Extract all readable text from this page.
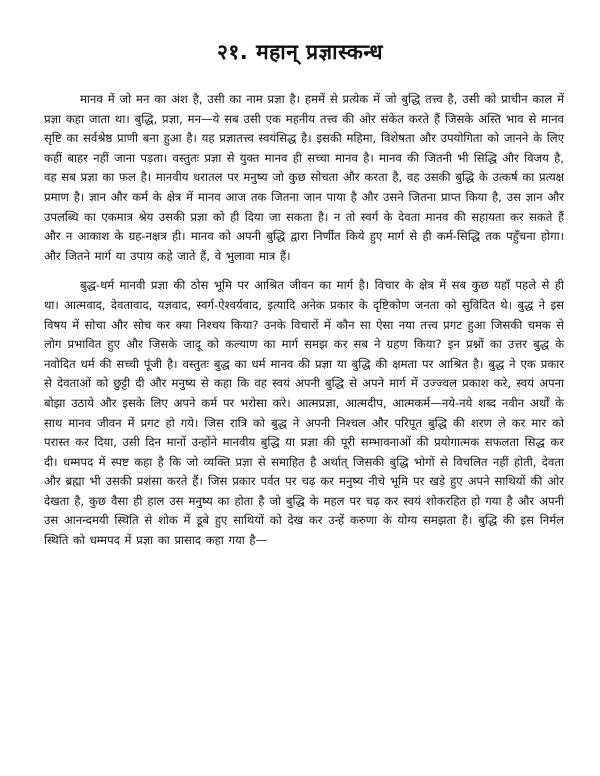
२१. महान् प्रज्ञास्कन्ध

मानव में जो मन का अंश है, उसी का नाम प्रज्ञा है। हममें से प्रत्येक में जो बुद्धि तत्त्व है, उसी को प्राचीन काल में प्रज्ञा कहा जाता था। बुद्धि, प्रज्ञा, मन—ये सब उसी एक महनीय तत्त्व की ओर संकेत करते हैं जिसके अस्ति भाव से मानव सृष्टि का सर्वश्रेष्ठ प्राणी बना हुआ है। यह प्रज्ञातत्त्व स्वयंसिद्ध है। इसकी महिमा, विशेषता और उपयोगिता को जानने के लिए कहीं बाहर नहीं जाना पड़ता। वस्तुतः प्रज्ञा से युक्त मानव ही सच्चा मानव है। मानव की जितनी भी सिद्धि और विजय है, वह सब प्रज्ञा का फल है। मानवीय धरातल पर मनुष्य जो कुछ सोचता और करता है, वह उसकी बुद्धि के उत्कर्ष का प्रत्यक्ष प्रमाण है। ज्ञान और कर्म के क्षेत्र में मानव आज तक जितना जान पाया है और उसने जितना प्राप्त किया है, उस ज्ञान और उपलब्धि का एकमात्र श्रेय उसकी प्रज्ञा को ही दिया जा सकता है। न तो स्वर्ग के देवता मानव की सहायता कर सकते हैं और न आकाश के ग्रह-नक्षत्र ही। मानव को अपनी बुद्धि द्वारा निर्णीत किये हुए मार्ग से ही कर्म-सिद्धि तक पहुँचना होगा। और जितने मार्ग या उपाय कहे जाते हैं, वे भुलावा मात्र हैं।

बुद्ध-धर्म मानवी प्रज्ञा की ठोस भूमि पर आश्रित जीवन का मार्ग है। विचार के क्षेत्र में सब कुछ यहाँ पहले से ही था। आत्मवाद, देवतावाद, यज्ञवाद, स्वर्ग-ऐश्वर्यवाद, इत्यादि अनेक प्रकार के दृष्टिकोण जनता को सुविदित थे। बुद्ध ने इस विषय में सोचा और सोच कर क्या निश्चय किया? उनके विचारों में कौन सा ऐसा नया तत्त्व प्रगट हुआ जिसकी चमक से लोग प्रभावित हुए और जिसके जादू को कल्याण का मार्ग समझ कर सब ने ग्रहण किया? इन प्रश्नों का उत्तर बुद्ध के नवोदित धर्म की सच्ची पूंजी है। वस्तुतः बुद्ध का धर्म मानव की प्रज्ञा या बुद्धि की क्षमता पर आश्रित है। बुद्ध ने एक प्रकार से देवताओं को छुट्टी दी और मनुष्य से कहा कि वह स्वयं अपनी बुद्धि से अपने मार्ग में उज्ज्वल प्रकाश करे, स्वयं अपना बोझा उठाये और इसके लिए अपने कर्म पर भरोसा करे। आत्मप्रज्ञा, आत्मदीप, आत्मकर्म—नये-नये शब्द नवीन अर्थों के साथ मानव जीवन में प्रगट हो गये। जिस रात्रि को बुद्ध ने अपनी निश्चल और परिपूत बुद्धि की शरण ले कर मार को परास्त कर दिया, उसी दिन मानों उन्होंने मानवीय बुद्धि या प्रज्ञा की पूरी सम्भावनाओं की प्रयोगात्मक सफलता सिद्ध कर दी। धम्मपद में स्पष्ट कहा है कि जो व्यक्ति प्रज्ञा से समाहित है अर्थात् जिसकी बुद्धि भोगों से विचलित नहीं होती, देवता और ब्रह्मा भी उसकी प्रशंसा करते हैं। जिस प्रकार पर्वत पर चढ़ कर मनुष्य नीचे भूमि पर खड़े हुए अपने साथियों की ओर देखता है, कुछ वैसा ही हाल उस मनुष्य का होता है जो बुद्धि के महल पर चढ़ कर स्वयं शोकरहित हो गया है और अपनी उस आनन्दमयी स्थिति से शोक में डूबे हुए साथियों को देख कर उन्हें करुणा के योग्य समझता है। बुद्धि की इस निर्मल स्थिति को धम्मपद में प्रज्ञा का प्रासाद कहा गया है—
